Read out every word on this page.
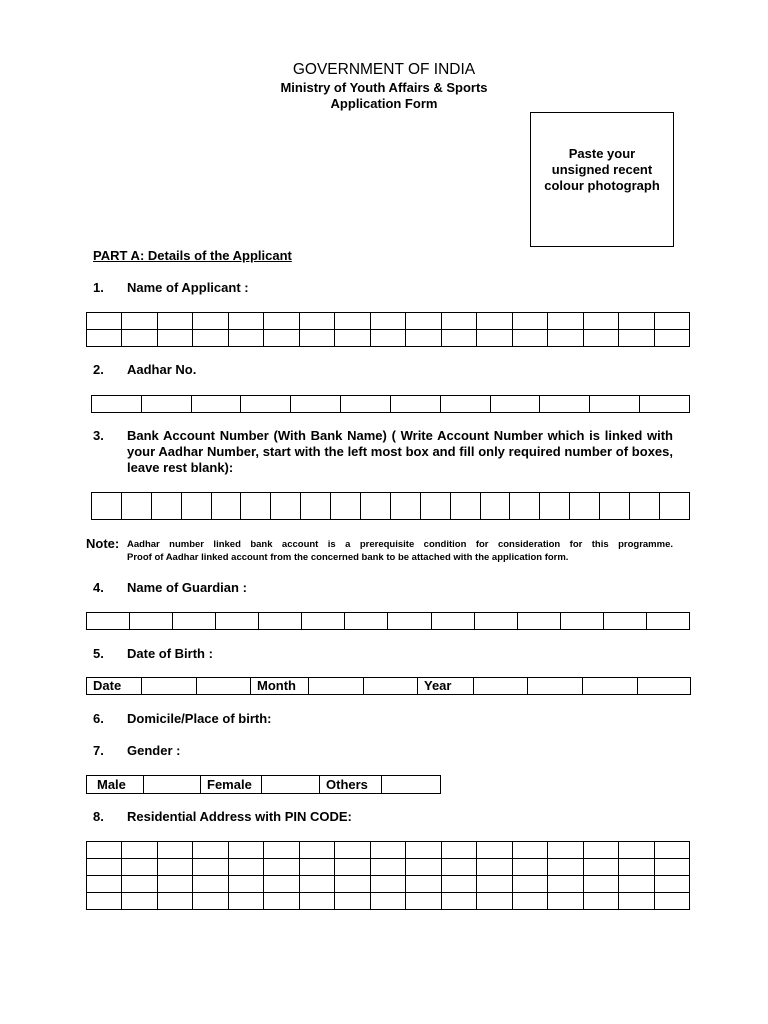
GOVERNMENT OF INDIA
Ministry of Youth Affairs & Sports
Application Form
Paste your unsigned recent colour photograph
PART A: Details of the Applicant
1. Name of Applicant :

2. Aadhar No.

3. Bank Account Number (With Bank Name) ( Write Account Number which is linked with your Aadhar Number, start with the left most box and fill only required number of boxes, leave rest blank):

Note: Aadhar number linked bank account is a prerequisite condition for consideration for this programme.
Proof of Aadhar linked account from the concerned bank to be attached with the application form.
4. Name of Guardian :

5. Date of Birth :
Date			Month			Year				
6. Domicile/Place of birth:
7. Gender :
Male		Female		Others	
8. Residential Address with PIN CODE:
